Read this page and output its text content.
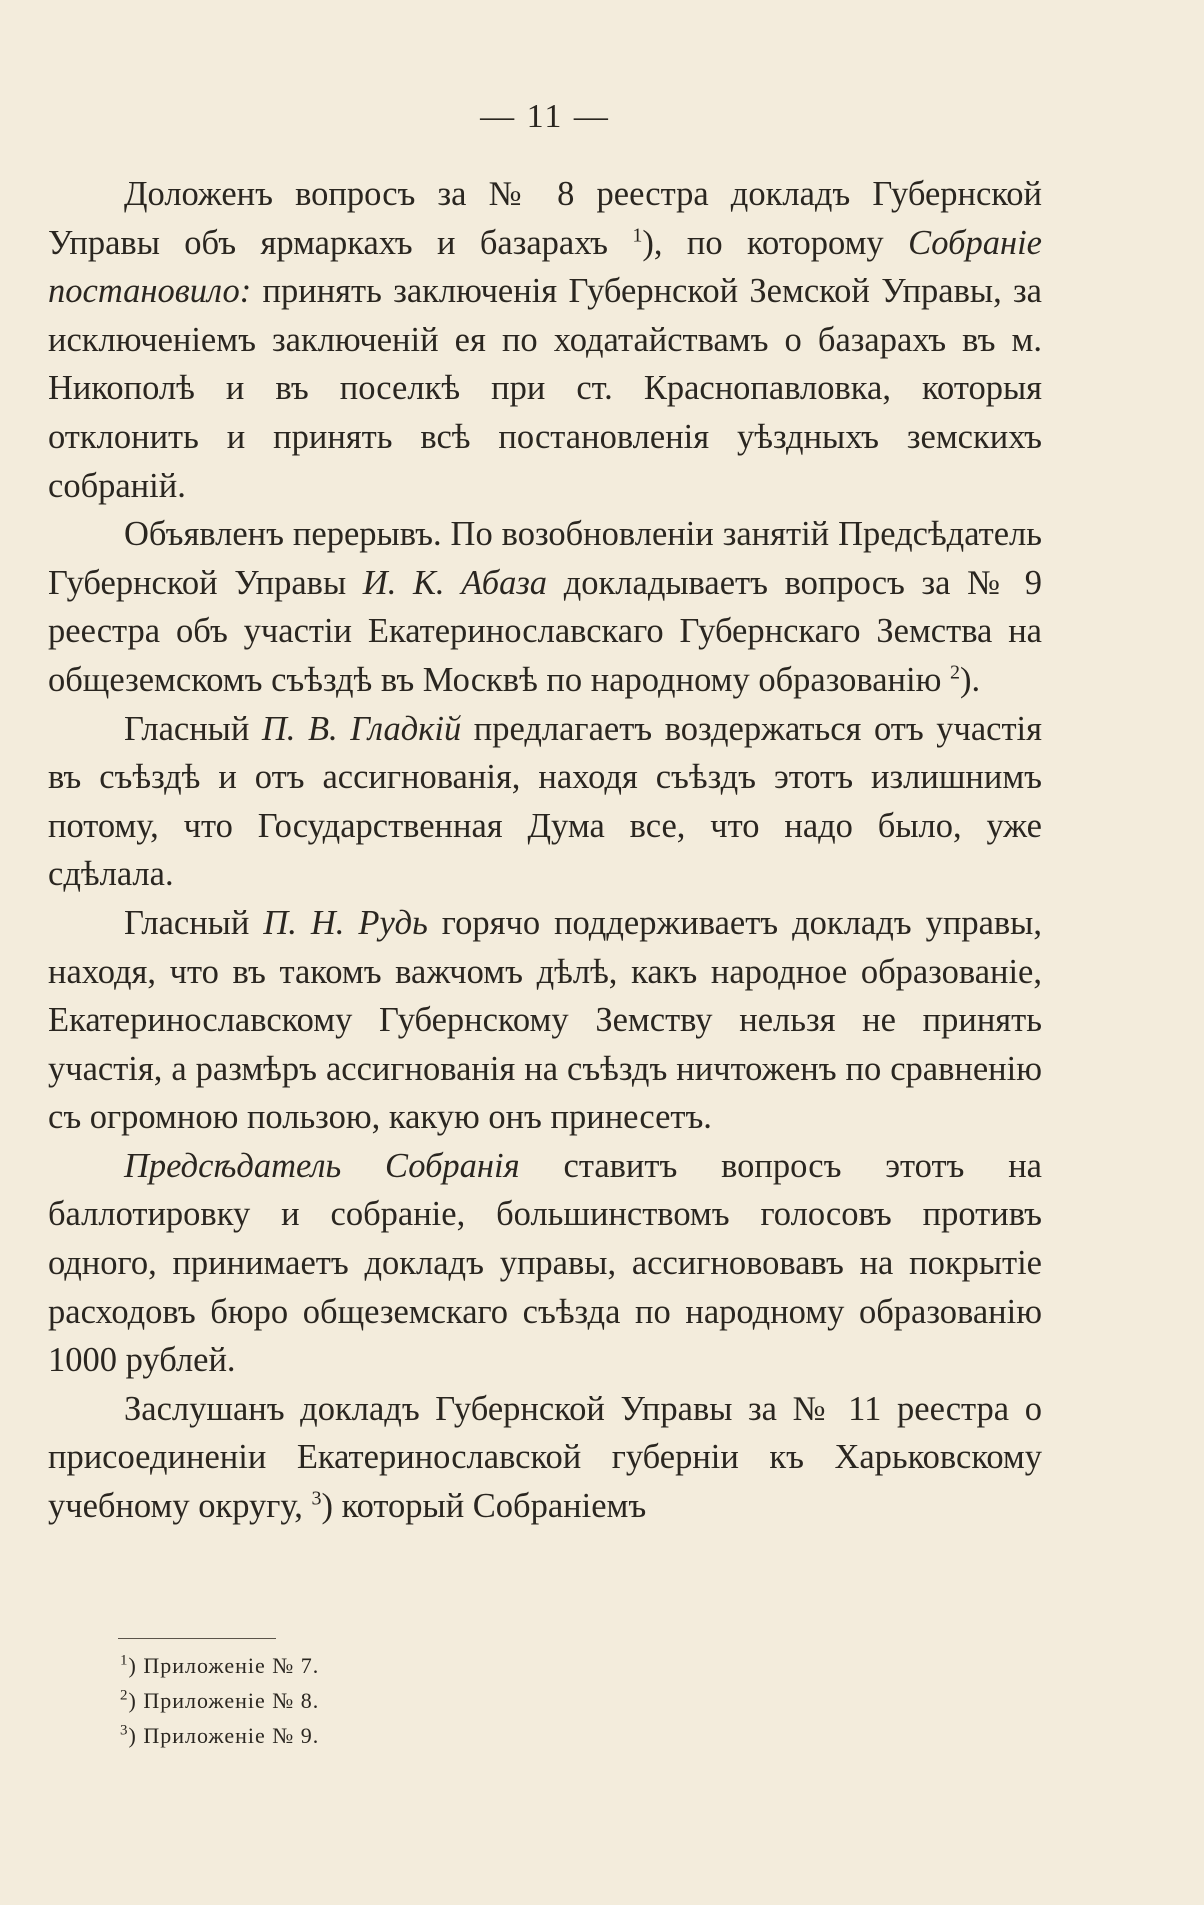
— 11 —

Доложенъ вопросъ за № 8 реестра докладъ Губернской Управы объ ярмаркахъ и базарахъ $^1$), по которому Собраніе постановило: принять заключенія Губернской Земской Управы, за исключеніемъ заключеній ея по ходатайствамъ о базарахъ въ м. Никополѣ и въ поселкѣ при ст. Краснопавловка, которыя отклонить и принять всѣ постановленія уѣздныхъ земскихъ собраній.

Объявленъ перерывъ. По возобновленіи занятій Предсѣдатель Губернской Управы И. К. Абаза докладываетъ вопросъ за № 9 реестра объ участіи Екатеринославскаго Губернскаго Земства на общеземскомъ съѣздѣ въ Москвѣ по народному образованію $^2$).

Гласный П. В. Гладкій предлагаетъ воздержаться отъ участія въ съѣздѣ и отъ ассигнованія, находя съѣздъ этотъ излишнимъ потому, что Государственная Дума все, что надо было, уже сдѣлала.

Гласный П. Н. Рудь горячо поддерживаетъ докладъ управы, находя, что въ такомъ важчомъ дѣлѣ, какъ народное образованіе, Екатеринославскому Губернскому Земству нельзя не принять участія, а размѣръ ассигнованія на съѣздъ ничтоженъ по сравненію съ огромною пользою, какую онъ принесетъ.

Предсѣдатель Собранія ставитъ вопросъ этотъ на баллотировку и собраніе, большинствомъ голосовъ противъ одного, принимаетъ докладъ управы, ассигнововавъ на покрытіе расходовъ бюро общеземскаго съѣзда по народному образованію 1000 рублей.

Заслушанъ докладъ Губернской Управы за № 11 реестра о присоединеніи Екатеринославской губерніи къ Харьковскому учебному округу, $^3$) который Собраніемъ

$^1$) Приложеніе № 7.
$^2$) Приложеніе № 8.
$^3$) Приложеніе № 9.
